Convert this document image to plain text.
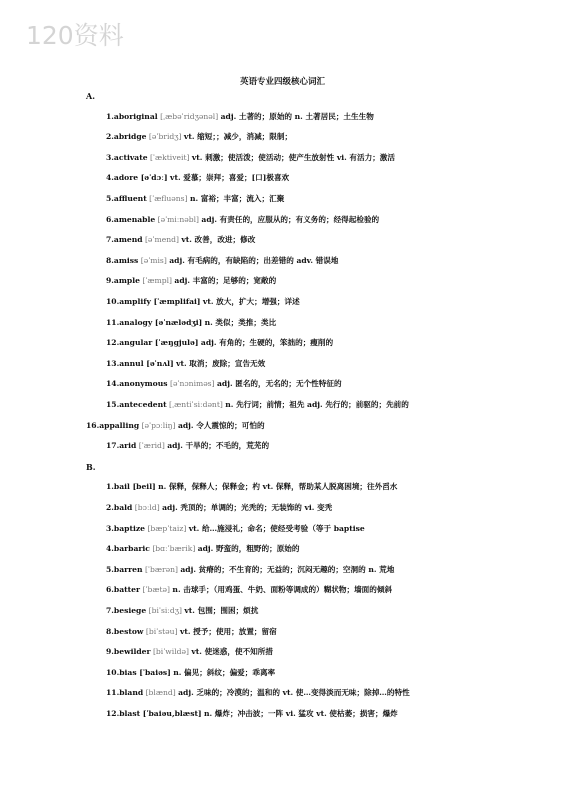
120资料
英语专业四级核心词汇
A.
1.aboriginal [ˌæbəˈridʒənəl] adj. 土著的；原始的 n. 土著居民；土生生物
2.abridge [əˈbridʒ] vt. 缩短；；减少，消减；限制；
3.activate [ˈæktiveit] vt. 刺激；使活泼；使活动；使产生放射性 vi. 有活力；激活
4.adore [əˈdɔː] vt. 爱慕；崇拜；喜爱；[口]极喜欢
5.affluent [ˈæfluəns] n. 富裕；丰富；流入；汇聚
6.amenable [əˈmiːnəbl] adj. 有责任的，应服从的；有义务的；经得起检验的
7.amend [əˈmend] vt. 改善，改进；修改
8.amiss [əˈmis] adj. 有毛病的，有缺陷的；出差错的 adv. 错误地
9.ample [ˈæmpl] adj. 丰富的；足够的；宽敞的
10.amplify [ˈæmplifai] vt. 放大，扩大；增强；详述
11.analogy [əˈnælədʒi] n. 类似；类推；类比
12.angular [ˈæŋgjulə] adj. 有角的；生硬的，笨拙的；瘦削的
13.annul [əˈnʌl] vt. 取消；废除；宣告无效
14.anonymous [əˈnɔniməs] adj. 匿名的，无名的；无个性特征的
15.antecedent [ˌæntiˈsiːdənt] n. 先行词；前情；祖先 adj. 先行的；前驱的；先前的
16.appalling [əˈpɔːliŋ] adj. 令人震惊的；可怕的
17.arid [ˈærid] adj. 干旱的；不毛的，荒芜的
B.
1.bail [beil] n. 保释，保释人；保释金；杓 vt. 保释，帮助某人脱离困境；往外舀水
2.bald [bɔːld] adj. 秃顶的；单调的；光秃的；无装饰的 vi. 变秃
3.baptize [bæpˈtaiz] vt. 给…施浸礼；命名；使经受考验（等于 baptise
4.barbaric [bɑːˈbærik] adj. 野蛮的，粗野的；原始的
5.barren [ˈbærən] adj. 贫瘠的；不生育的；无益的；沉闷无趣的；空洞的 n. 荒地
6.batter [ˈbætə] n. 击球手；（用鸡蛋、牛奶、面粉等调成的）糊状物；墙面的倾斜
7.besiege [biˈsiːdʒ] vt. 包围；围困；烦扰
8.bestow [biˈstəu] vt. 授予；使用；放置；留宿
9.bewilder [biˈwildə] vt. 使迷惑，使不知所措
10.bias [ˈbaiəs] n. 偏见；斜纹；偏爱；乖离率
11.bland [blænd] adj. 乏味的；冷漠的；温和的 vt. 使…变得淡而无味；除掉…的特性
12.blast [ˈbaiəu,blæst] n. 爆炸；冲击波；一阵 vi. 猛攻 vt. 使枯萎；损害；爆炸
